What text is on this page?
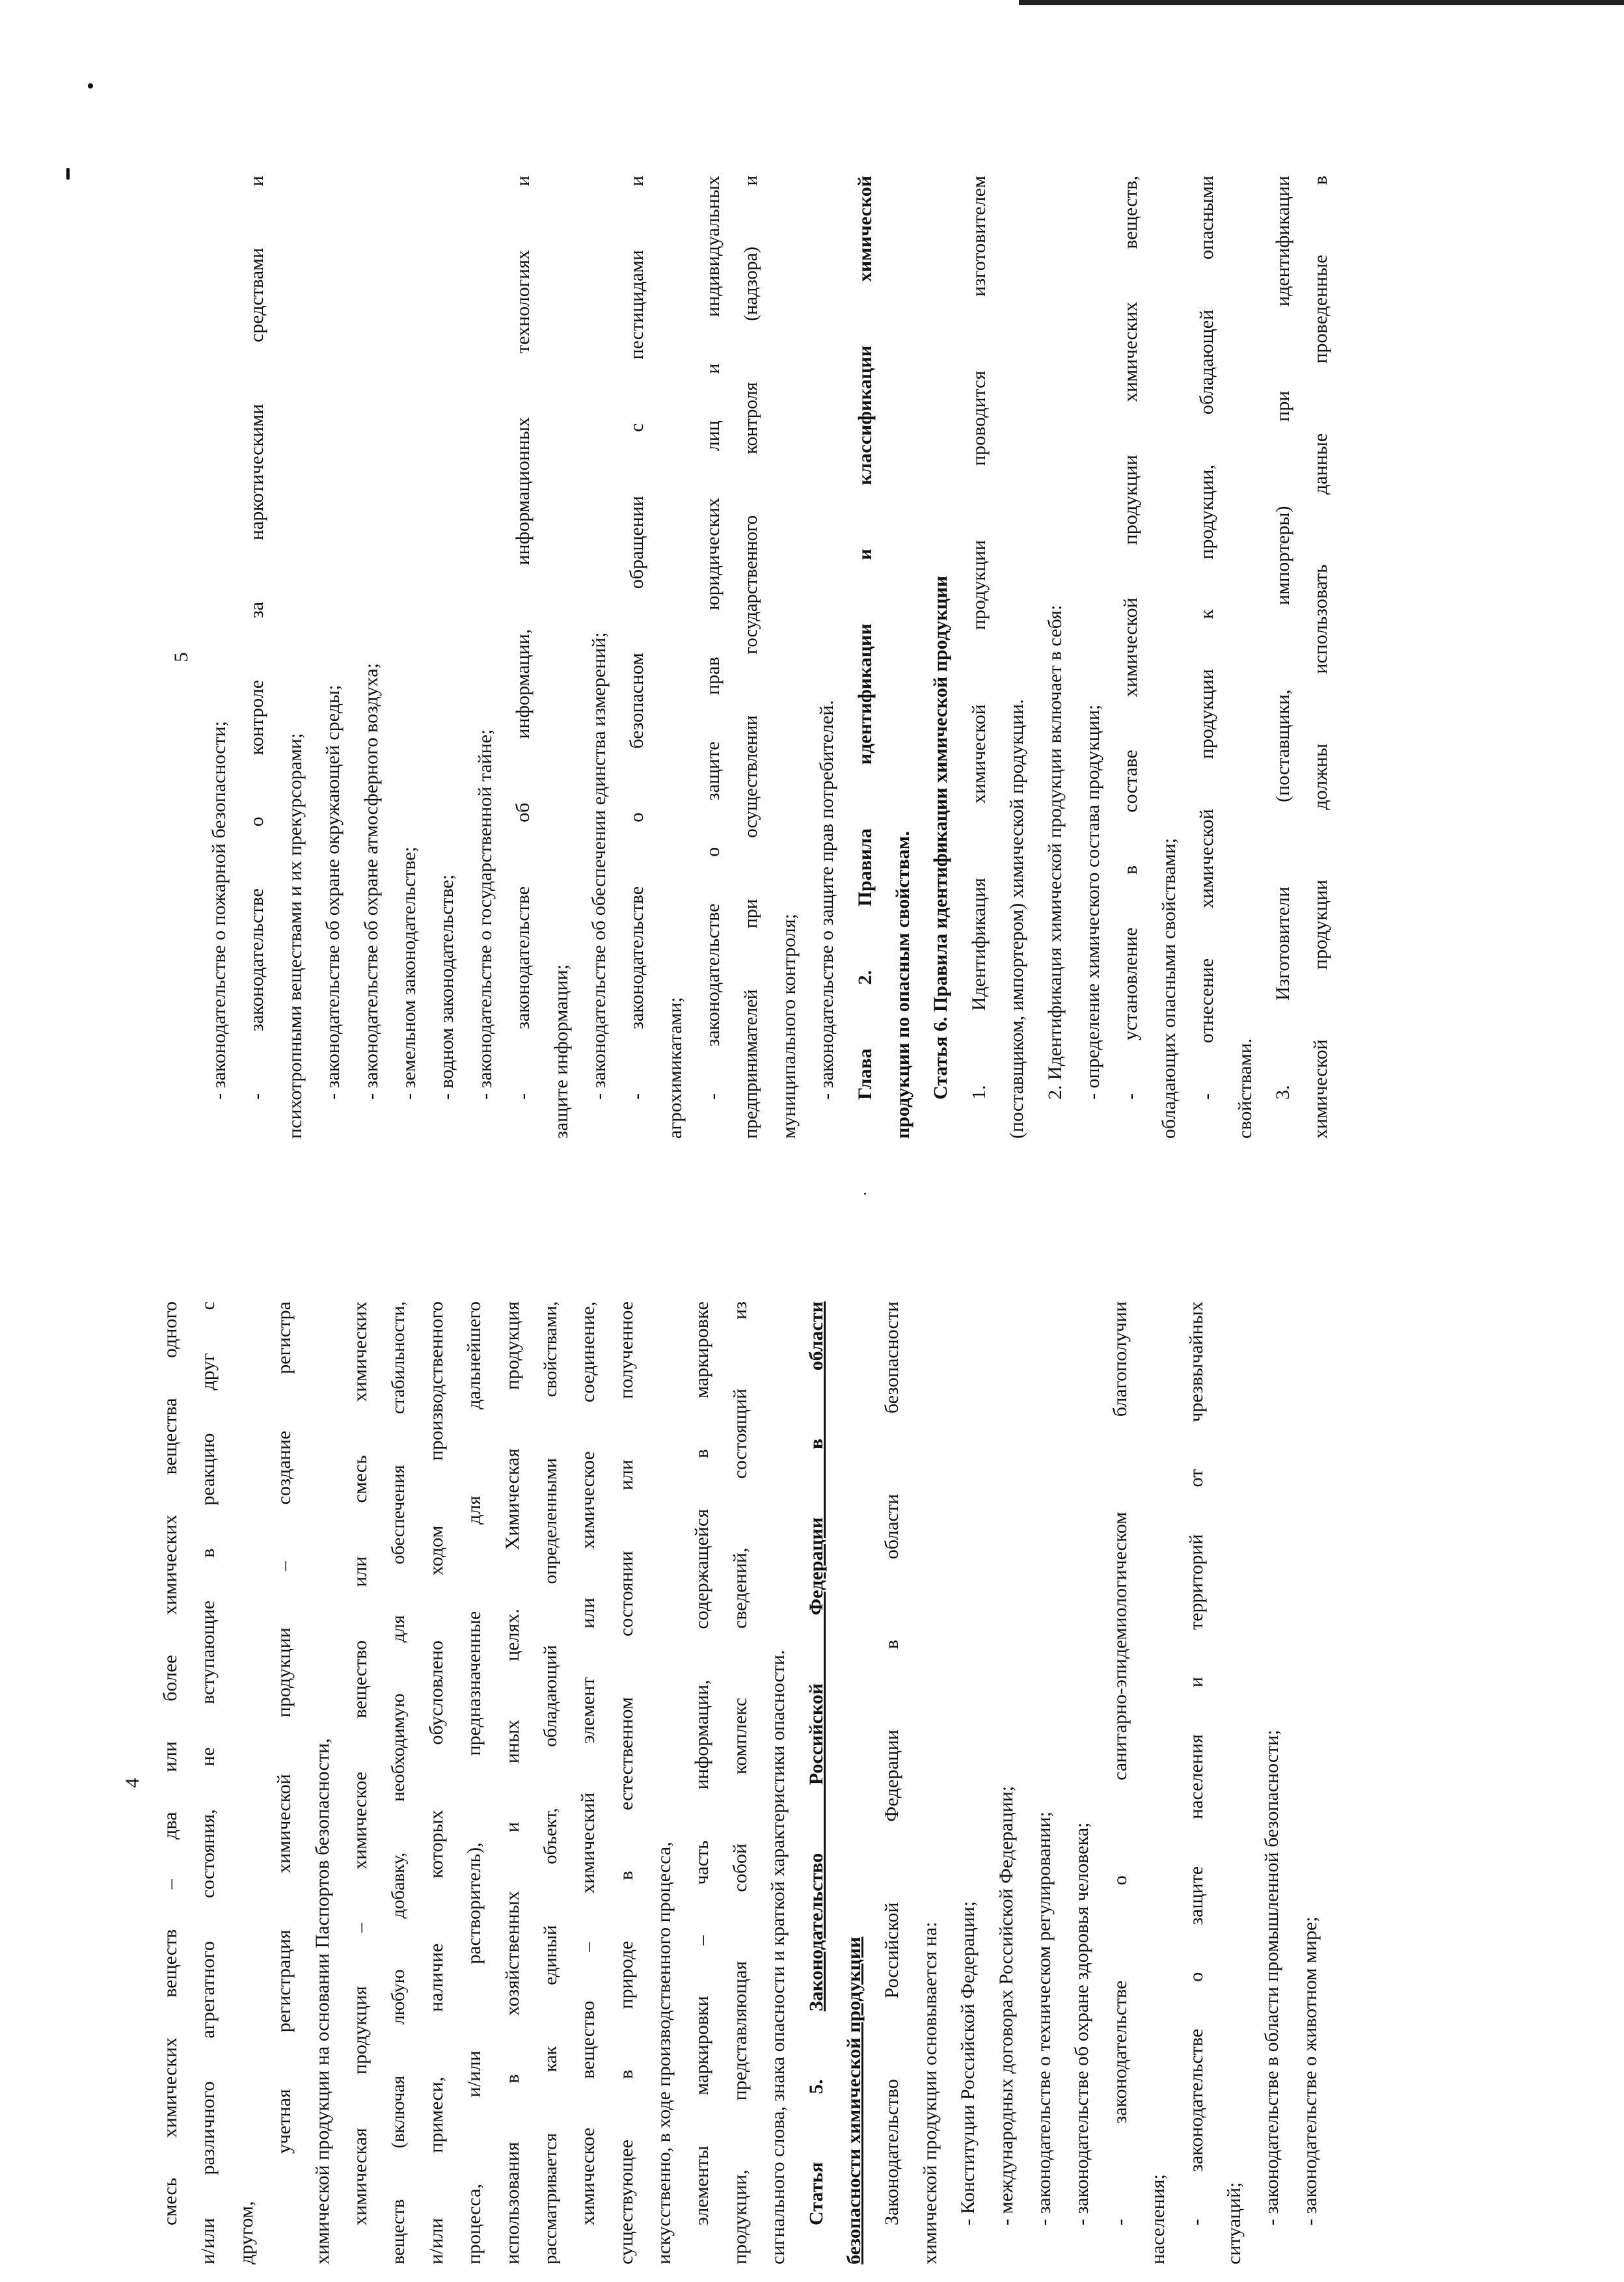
4 смесь химических веществ – два или более химических вещества одного и/или различного агрегатного состояния, не вступающие в реакцию друг с другом,
учетная регистрация химической продукции – создание регистра химической продукции на основании Паспортов безопасности, химическая продукция – химическое вещество или смесь химических веществ (включая любую добавку, необходимую для обеспечения стабильности, и/или примеси, наличие которых обусловлено ходом производственного процесса, и/или растворитель), предназначенные для дальнейшего использования в хозяйственных и иных целях. Химическая продукция рассматривается как единый объект, обладающий определенными свойствами, химическое вещество – химический элемент или химическое соединение, существующее в природе в естественном состоянии или полученное искусственно, в ходе производственного процесса, элементы маркировки – часть информации, содержащейся в маркировке продукции, представляющая собой комплекс сведений, состоящий из сигнального слова, знака опасности и краткой характеристики опасности. Статья 5. Законодательство Российской Федерации в области
безопасности химической продукции Законодательство Российской Федерации в области безопасности химической продукции основывается на: - Конституции Российской Федерации; - международных договорах Российской Федерации; - законодательстве о техническом регулировании; - законодательстве об охране здоровья человека; - законодательстве о санитарно-эпидемиологическом благополучии населения; - законодательстве о защите населения и территорий от чрезвычайных ситуаций; - законодательстве в области промышленной безопасности; - законодательстве о животном мире;
5
- законодательстве о пожарной безопасности; - законодательстве о контроле за наркотическими средствами и психотропными веществами и их прекурсорами; - законодательстве об охране окружающей среды; - законодательстве об охране атмосферного воздуха; - земельном законодательстве; - водном законодательстве; - законодательстве о государственной тайне; - законодательстве об информации, информационных технологиях и защите информации; - законодательстве об обеспечении единства измерений; - законодательстве о безопасном обращении с пестицидами и агрохимикатами; - законодательстве о защите прав юридических лиц и индивидуальных предпринимателей при осуществлении государственного контроля (надзора) и муниципального контроля; - законодательстве о защите прав потребителей. Глава 2. Правила идентификации и классификации химической продукции по опасным свойствам. Статья 6. Правила идентификации химической продукции 1. Идентификация химической продукции проводится изготовителем (поставщиком, импортером) химической продукции. 2. Идентификация химической продукции включает в себя: - определение химического состава продукции; - установление в составе химической продукции химических веществ, обладающих опасными свойствами; - отнесение химической продукции к продукции, обладающей опасными свойствами. 3. Изготовители (поставщики, импортеры) при идентификации химической продукции должны использовать данные проведенные в
